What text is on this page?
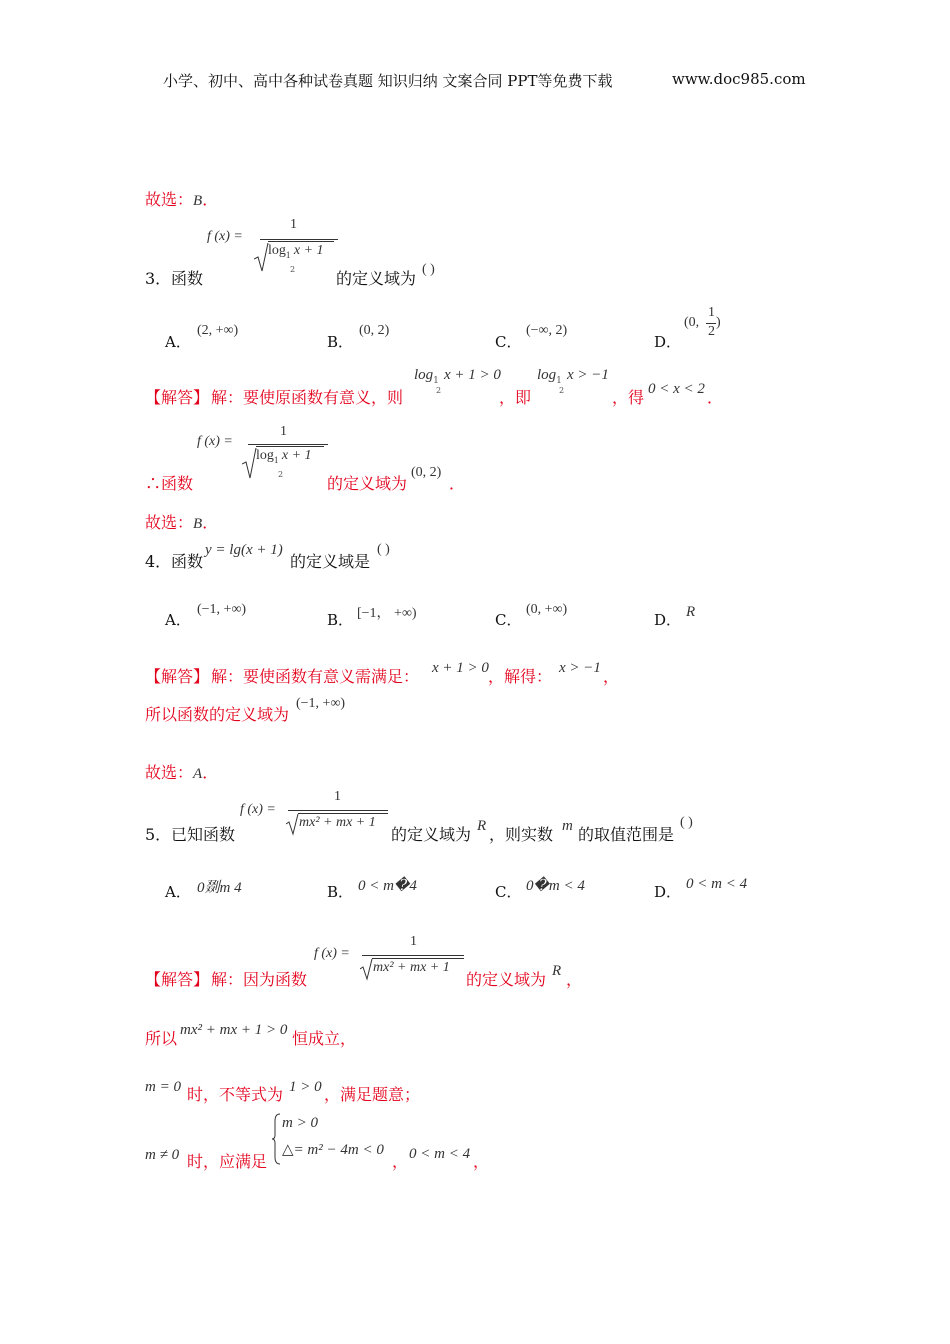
小学、初中、高中各种试卷真题 知识归纳 文案合同 PPT等免费下载	www.doc985.com
故选：B．
f (x) =
1
$\log_1 x + 1$
2
3． 函数	的定义域为 ( )
A．
(2, +∞)
B．
(0, 2)
C．
(−∞, 2)
D．
(0,
1
2
)
【解答】 解：要使原函数有意义，则
$\log_1 x + 1 > 0$
2	，即
$\log_1 x > -1$
2	，得 0 < x < 2 ．
f (x) =
1
$\log_1 x + 1$
2
∴函数	的定义域为
(0, 2)
．
故选：B．
4． 函数
y = lg(x + 1)
的定义域是
( )
A．
(−1, +∞)
B． [−1， +∞)	C．
(0, +∞)
D． R
【解答】 解：要使函数有意义需满足： x + 1 > 0 ，解得： x > −1 ，
所以函数的定义域为
(−1, +∞)
故选：A．
f (x) =
1
mx² + mx + 1
5． 已知函数	的定义域为 R ，则实数 m 的取值范围是
( )
A． 0剟m 4	B． 0 < m�4	C． 0�m < 4	D． 0 < m < 4
f (x) =
1
mx² + mx + 1
【解答】 解：因为函数	的定义域为 R ，
所以 mx² + mx + 1 > 0 恒成立，
m = 0 时，不等式为 1 > 0 ，满足题意；
m ≠ 0 时，应满足
m > 0
△= m² − 4m < 0
， 0 < m < 4 ，
